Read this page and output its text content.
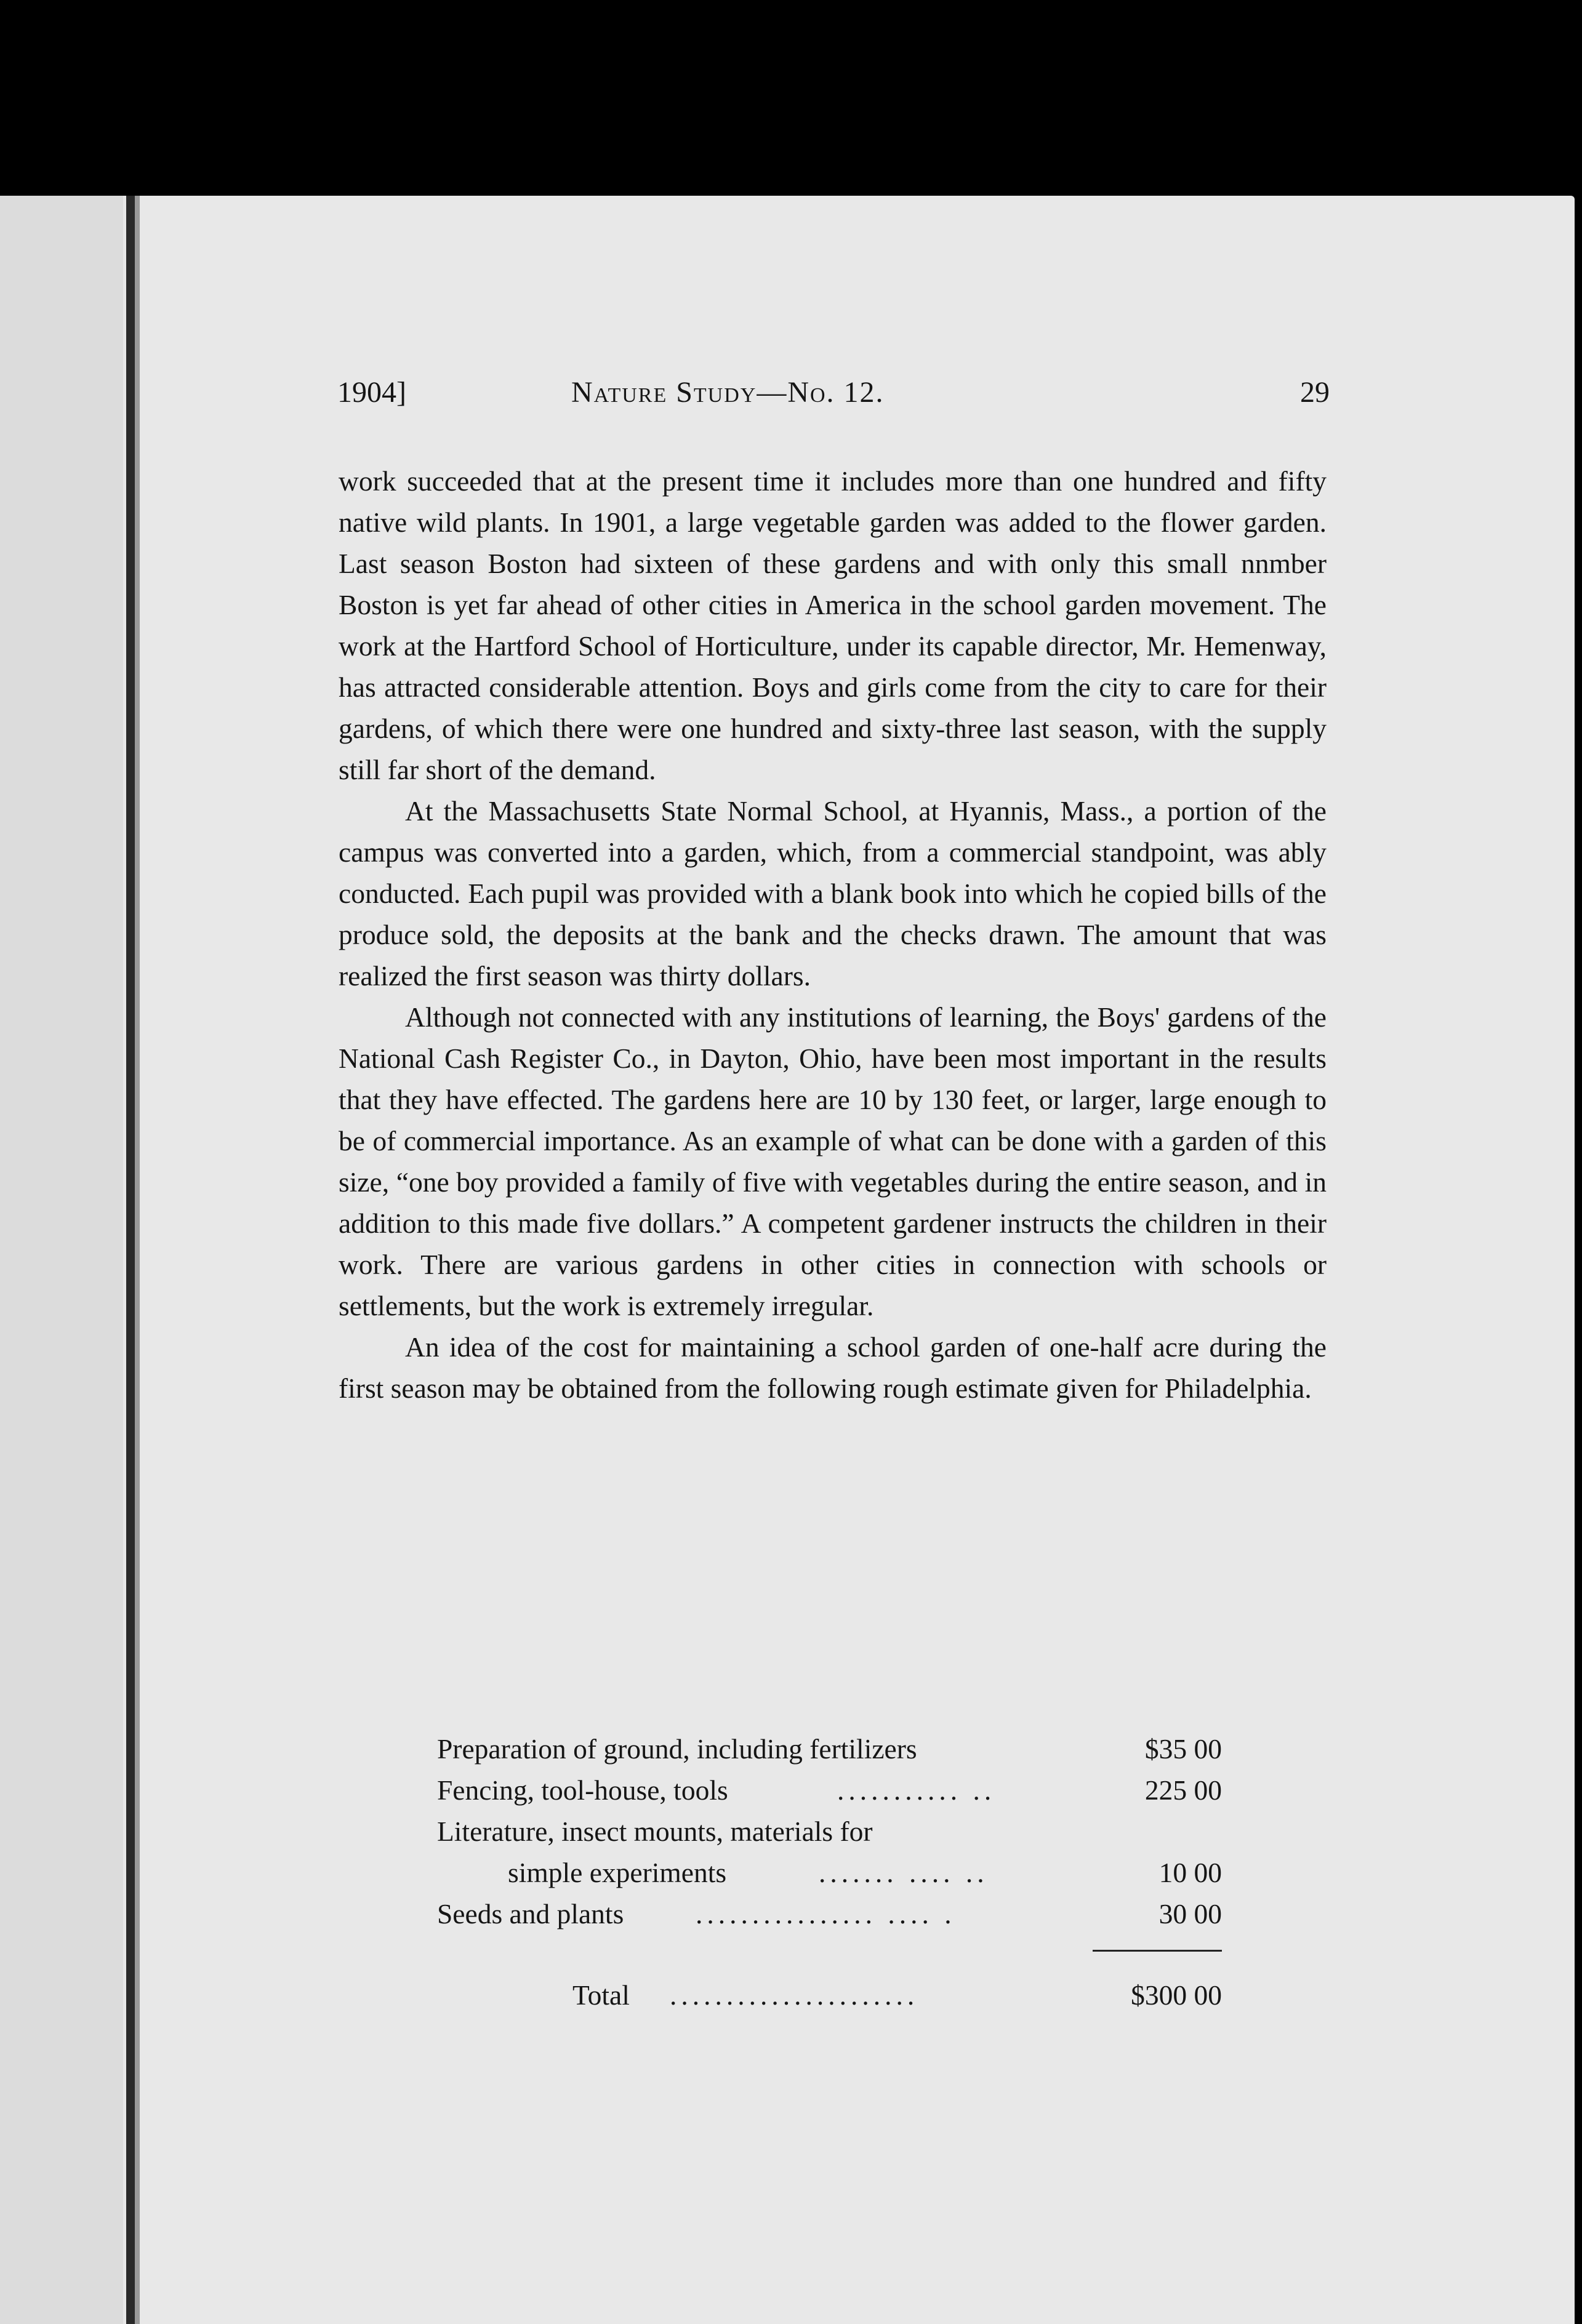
1904]	Nature Study—No. 12.	29

work succeeded that at the present time it includes more than one hundred and fifty native wild plants. In 1901, a large vegetable garden was added to the flower garden. Last season Boston had sixteen of these gardens and with only this small nnmber Boston is yet far ahead of other cities in America in the school garden movement. The work at the Hartford School of Horticulture, under its capable director, Mr. Hemenway, has attracted considerable attention. Boys and girls come from the city to care for their gardens, of which there were one hundred and sixty-three last season, with the supply still far short of the demand.

At the Massachusetts State Normal School, at Hyannis, Mass., a portion of the campus was converted into a garden, which, from a commercial standpoint, was ably conducted. Each pupil was provided with a blank book into which he copied bills of the produce sold, the deposits at the bank and the checks drawn. The amount that was realized the first season was thirty dollars.

Although not connected with any institutions of learning, the Boys' gardens of the National Cash Register Co., in Dayton, Ohio, have been most important in the results that they have effected. The gardens here are 10 by 130 feet, or larger, large enough to be of commercial importance. As an example of what can be done with a garden of this size, “one boy provided a family of five with vegetables during the entire season, and in addition to this made five dollars.” A competent gardener instructs the children in their work. There are various gardens in other cities in connection with schools or settlements, but the work is extremely irregular.

An idea of the cost for maintaining a school garden of one-half acre during the first season may be obtained from the following rough estimate given for Philadelphia.

Preparation of ground, including fertilizers	$35 00
Fencing, tool-house, tools	........... ..	225 00
Literature, insect mounts, materials for
simple experiments	....... .... ..	10 00
Seeds and plants	................ .... .	30 00
Total ......................	$300 00
